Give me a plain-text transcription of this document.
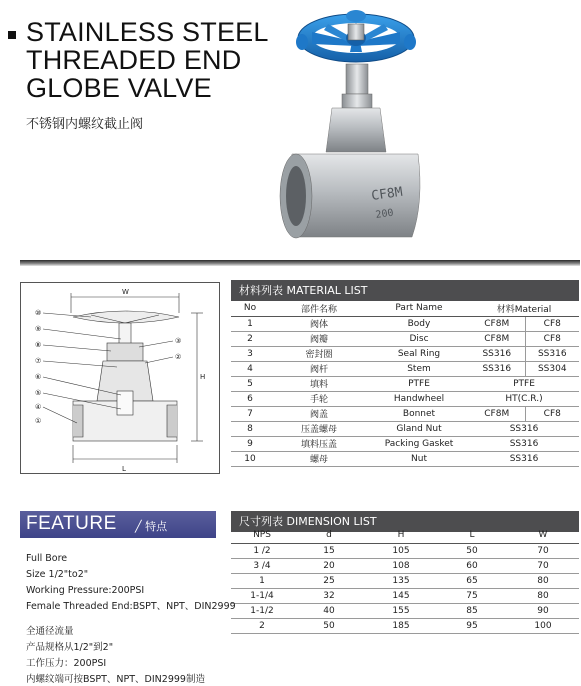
STAINLESS STEEL
THREADED END
GLOBE VALVE
不锈钢内螺纹截止阀
CF8M
200
W
H
L
⑩
⑨
⑧
⑦
⑥
⑤
④
③
②
①
材料列表 MATERIAL LIST
No	部件名称	Part Name	材料Material	
1	阀体	Body	CF8M	CF8
2	阀瓣	Disc	CF8M	CF8
3	密封圈	Seal Ring	SS316	SS316
4	阀杆	Stem	SS316	SS304
5	填料	PTFE	PTFE	
6	手轮	Handwheel	HT(C.R.)	
7	阀盖	Bonnet	CF8M	CF8
8	压盖螺母	Gland Nut	SS316	
9	填料压盖	Packing Gasket	SS316	
10	螺母	Nut	SS316	
尺寸列表 DIMENSION LIST
NPS	d	H	L	W
1 /2	15	105	50	70
3 /4	20	108	60	70
1	25	135	65	80
1-1/4	32	145	75	80
1-1/2	40	155	85	90
2	50	185	95	100
FEATURE ╱ 特点
Full Bore
Size 1/2"to2"
Working Pressure:200PSI
Female Threaded End:BSPT、NPT、DIN2999
全通径流量
产品规格从1/2"到2"
工作压力：200PSI
内螺纹端可按BSPT、NPT、DIN2999制造
